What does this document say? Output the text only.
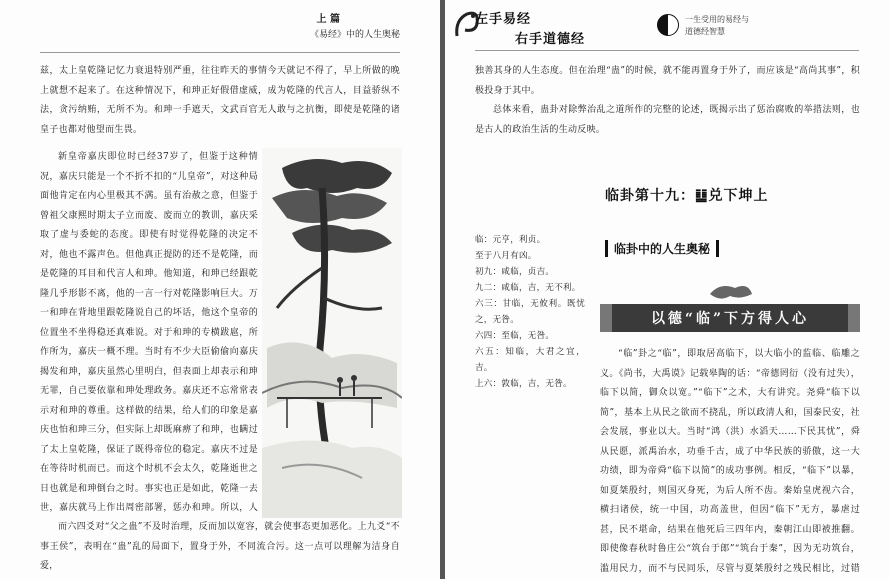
上 篇
《易经》中的人生奥秘

兹，太上皇乾隆记忆力衰退特别严重，往往昨天的事情今天就记不得了，早上所做的晚上就想不起来了。在这种情况下，和珅正好假借虚威，成为乾隆的代言人，目益骄纵不法，贪污纳贿，无所不为。和珅一手遮天，文武百官无人敢与之抗衡，即使是乾隆的诸皇子也都对他望而生畏。

新皇帝嘉庆即位时已经37岁了，但鉴于这种情况，嘉庆只能是一个不折不扣的“儿皇帝”，对这种局面他肯定在内心里极其不满。虽有治赦之意，但鉴于曾祖父康熙时期太子立而废、废而立的教训，嘉庆采取了虚与委蛇的态度。即使有时觉得乾隆的决定不对，他也不露声色。但他真正提防的还不是乾隆，而是乾隆的耳目和代言人和珅。他知道，和珅已经跟乾隆几乎形影不离，他的一言一行对乾隆影响巨大。万一和珅在背地里跟乾隆说自己的坏话，他这个皇帝的位置坐不坐得稳还真难说。对于和珅的专横跋扈，所作所为，嘉庆一概不理。当时有不少大臣偷偷向嘉庆揭发和珅，嘉庆虽然心里明白，但表面上却表示和珅无罪，自己要依靠和珅处理政务。嘉庆还不忘常常表示对和珅的尊重。这样做的结果，给人们的印象是嘉庆也怕和珅三分，但实际上却既麻痹了和珅，也瞒过了太上皇乾隆，保证了既得帝位的稳定。嘉庆不过是在等待时机而已。而这个时机不会太久，乾隆逝世之日也就是和珅倒台之时。事实也正是如此，乾隆一去世，嘉庆就马上作出周密部署，惩办和珅。所以，人

而六四爻对“父之蛊”不及时治理，反而加以宽容，就会使事态更加恶化。上九爻“不事王侯”，表明在“蛊”乱的局面下，置身于外，不同流合污。这一点可以理解为洁身自爱，

左手易经
右手道德经
一生受用的易经与
道德经智慧

独善其身的人生态度。但在治理“蛊”的时候，就不能再置身于外了，而应该是“高尚其事”，积极投身于其中。

总体来看，蛊卦对除弊治乱之道所作的完整的论述，既揭示出了惩治腐败的举措法则，也是古人的政治生活的生动反映。

临卦第十九：䷒兑下坤上
临卦中的人生奥秘
以德“临”下方得人心

临：元亨，利贞。

至于八月有凶。

初九：咸临，贞吉。

九二：咸临，吉，无不利。

六三：甘临，无攸利。既忧之，无咎。

六四：至临，无咎。

六五：知临，大君之宜，吉。

上六：敦临，吉，无咎。

“临”卦之“临”，即取居高临下，以大临小的监临、临雕之义。《尚书，大禹谟》记载皋陶的话：“帝德罔衍（没有过失），临下以简，御众以宽。”“临下”之术，大有讲究。尧舜“临下以简”，基本上从民之欲而不挠乱，所以政清人和，国泰民安，社会发展，事业以大。当时“鸿（洪）水滔天……下民其忧”，舜从民愿，派禹治水，功垂千古，成了中华民族的骄傲，这一大功绩，即为帝舜“临下以简”的成功事例。相反，“临下”以暴，如夏桀殷纣，则国灭身死，为后人所不齿。秦始皇虎视六合，横扫诸侯，统一中国，功高盖世，但因“临下”无方，暴虐过甚，民不堪命，结果在他死后三四年内，秦朝江山即被推翻。即使像春秋时鲁庄公“筑台于郎”“筑台于秦”，因为无功筑台，滥用民力，而不与民同乐，尽管与夏桀殷纣之残民相比，过错
